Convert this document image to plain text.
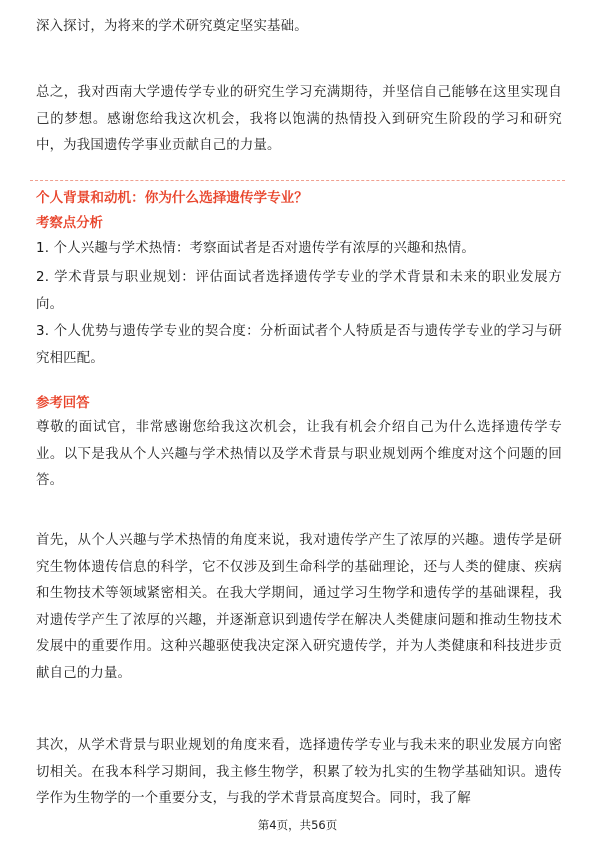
深入探讨，为将来的学术研究奠定坚实基础。

总之，我对西南大学遗传学专业的研究生学习充满期待，并坚信自己能够在这里实现自己的梦想。感谢您给我这次机会，我将以饱满的热情投入到研究生阶段的学习和研究中，为我国遗传学事业贡献自己的力量。

个人背景和动机：你为什么选择遗传学专业？
考察点分析

1. 个人兴趣与学术热情：考察面试者是否对遗传学有浓厚的兴趣和热情。

2. 学术背景与职业规划：评估面试者选择遗传学专业的学术背景和未来的职业发展方向。

3. 个人优势与遗传学专业的契合度：分析面试者个人特质是否与遗传学专业的学习与研究相匹配。

参考回答

尊敬的面试官，非常感谢您给我这次机会，让我有机会介绍自己为什么选择遗传学专业。以下是我从个人兴趣与学术热情以及学术背景与职业规划两个维度对这个问题的回答。

首先，从个人兴趣与学术热情的角度来说，我对遗传学产生了浓厚的兴趣。遗传学是研究生物体遗传信息的科学，它不仅涉及到生命科学的基础理论，还与人类的健康、疾病和生物技术等领域紧密相关。在我大学期间，通过学习生物学和遗传学的基础课程，我对遗传学产生了浓厚的兴趣，并逐渐意识到遗传学在解决人类健康问题和推动生物技术发展中的重要作用。这种兴趣驱使我决定深入研究遗传学，并为人类健康和科技进步贡献自己的力量。

其次，从学术背景与职业规划的角度来看，选择遗传学专业与我未来的职业发展方向密切相关。在我本科学习期间，我主修生物学，积累了较为扎实的生物学基础知识。遗传学作为生物学的一个重要分支，与我的学术背景高度契合。同时，我了解

第4页，共56页
